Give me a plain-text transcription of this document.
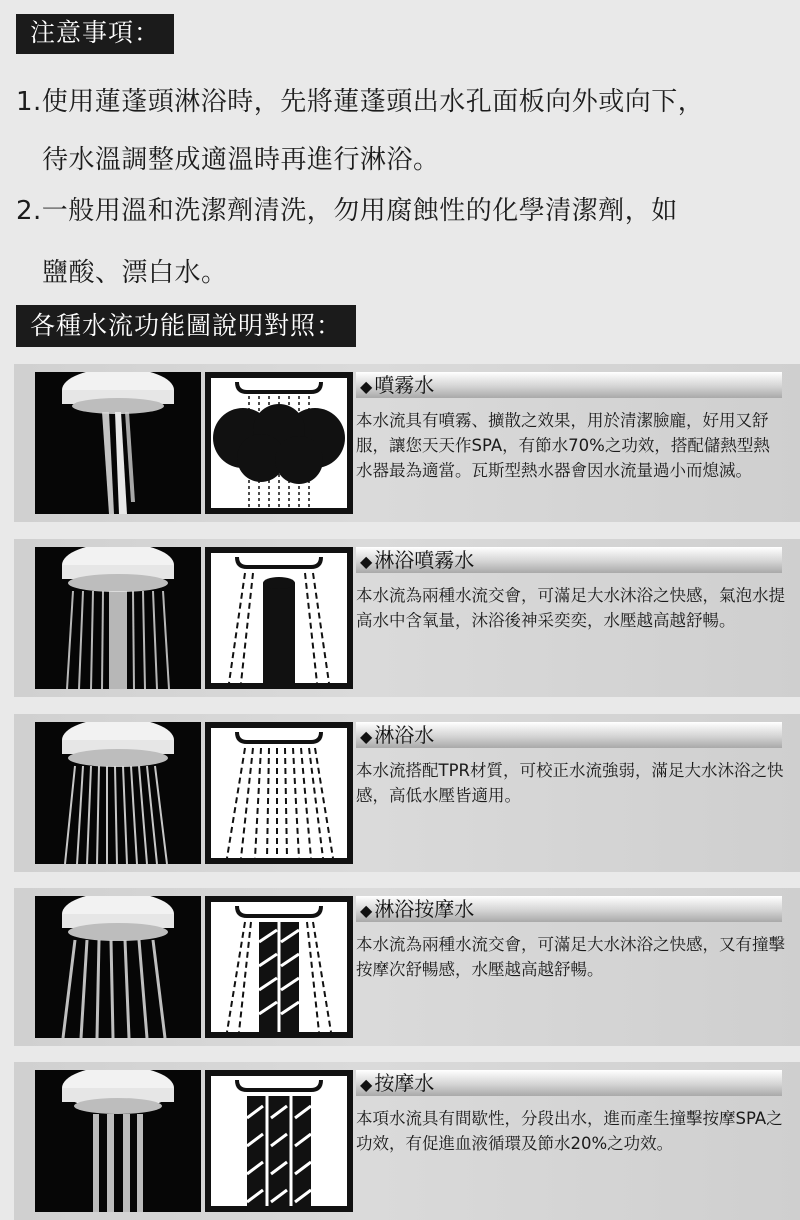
注意事項：
1.使用蓮蓬頭淋浴時，先將蓮蓬頭出水孔面板向外或向下，
待水溫調整成適溫時再進行淋浴。
2.一般用溫和洗潔劑清洗，勿用腐蝕性的化學清潔劑，如
鹽酸、漂白水。
各種水流功能圖說明對照：
◆ 噴霧水
本水流具有噴霧、擴散之效果，用於清潔臉龐，好用又舒服，讓您天天作SPA，有節水70%之功效，搭配儲熱型熱水器最為適當。瓦斯型熱水器會因水流量過小而熄滅。
◆ 淋浴噴霧水
本水流為兩種水流交會，可滿足大水沐浴之快感，氣泡水提高水中含氧量，沐浴後神采奕奕，水壓越高越舒暢。
◆ 淋浴水
本水流搭配TPR材質，可校正水流強弱，滿足大水沐浴之快感，高低水壓皆適用。
◆ 淋浴按摩水
本水流為兩種水流交會，可滿足大水沐浴之快感，又有撞擊按摩次舒暢感，水壓越高越舒暢。
◆ 按摩水
本項水流具有間歇性，分段出水，進而產生撞擊按摩SPA之功效，有促進血液循環及節水20%之功效。
